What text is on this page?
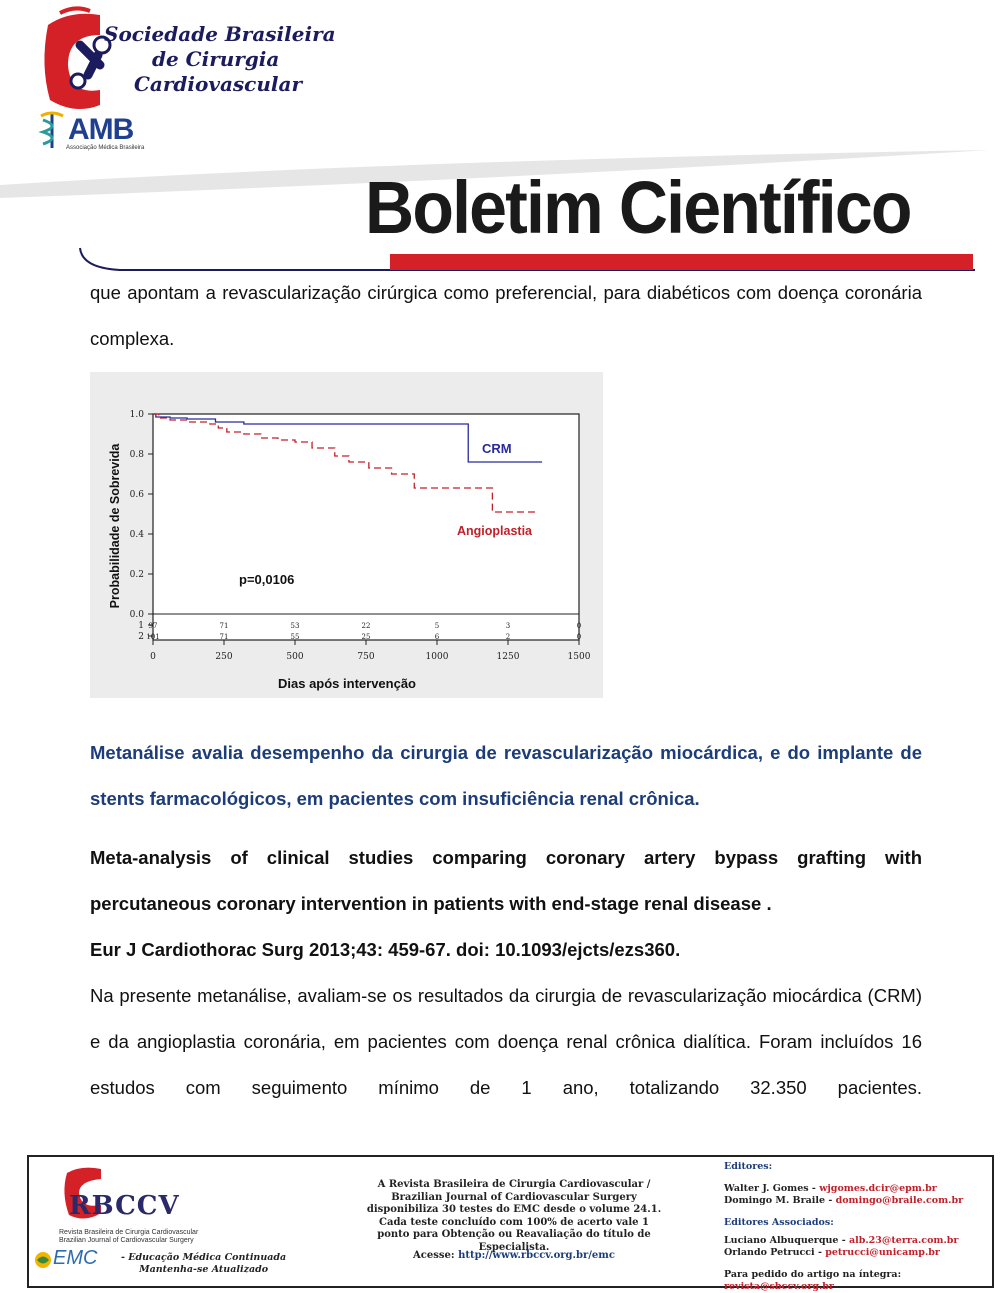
Sociedade Brasileira
de Cirurgia
Cardiovascular
AMB
Associação Médica Brasileira
Boletim Científico
que apontam a revascularização cirúrgica como preferencial, para diabéticos com doença coronária complexa.
0.0
0.2
0.4
0.6
0.8
1.0
0	250	500	750	1000	1250	1500
1 97	71	53	22	5	3	0
2 101	71	55	25	6	2	0
CRM
Angioplastia
p=0,0106
Dias após intervenção
Probabilidade de Sobrevida
Metanálise avalia desempenho da cirurgia de revascularização miocárdica, e do implante de stents farmacológicos, em pacientes com insuficiência renal crônica.
Meta-analysis of clinical studies comparing coronary artery bypass grafting with percutaneous coronary intervention in patients with end-stage renal disease .
Eur J Cardiothorac Surg 2013;43: 459-67. doi: 10.1093/ejcts/ezs360.
Na presente metanálise, avaliam-se os resultados da cirurgia de revascularização miocárdica (CRM) e da angioplastia coronária, em pacientes com doença renal crônica dialítica. Foram incluídos 16 estudos com seguimento mínimo de 1 ano, totalizando 32.350 pacientes.
RBCCV
Revista Brasileira de Cirurgia Cardiovascular
Brazilian Journal of Cardiovascular Surgery
EMC - Educação Médica Continuada
Mantenha-se Atualizado
A Revista Brasileira de Cirurgia Cardiovascular / Brazilian Journal of Cardiovascular Surgery disponibiliza 30 testes do EMC desde o volume 24.1. Cada teste concluído com 100% de acerto vale 1 ponto para Obtenção ou Reavaliação do título de Especialista.
Acesse: http://www.rbccv.org.br/emc
Editores:
Walter J. Gomes - wjgomes.dcir@epm.br
Domingo M. Braile - domingo@braile.com.br
Editores Associados:
Luciano Albuquerque - alb.23@terra.com.br
Orlando Petrucci - petrucci@unicamp.br
Para pedido do artigo na íntegra:
revista@sbccv.org.br
